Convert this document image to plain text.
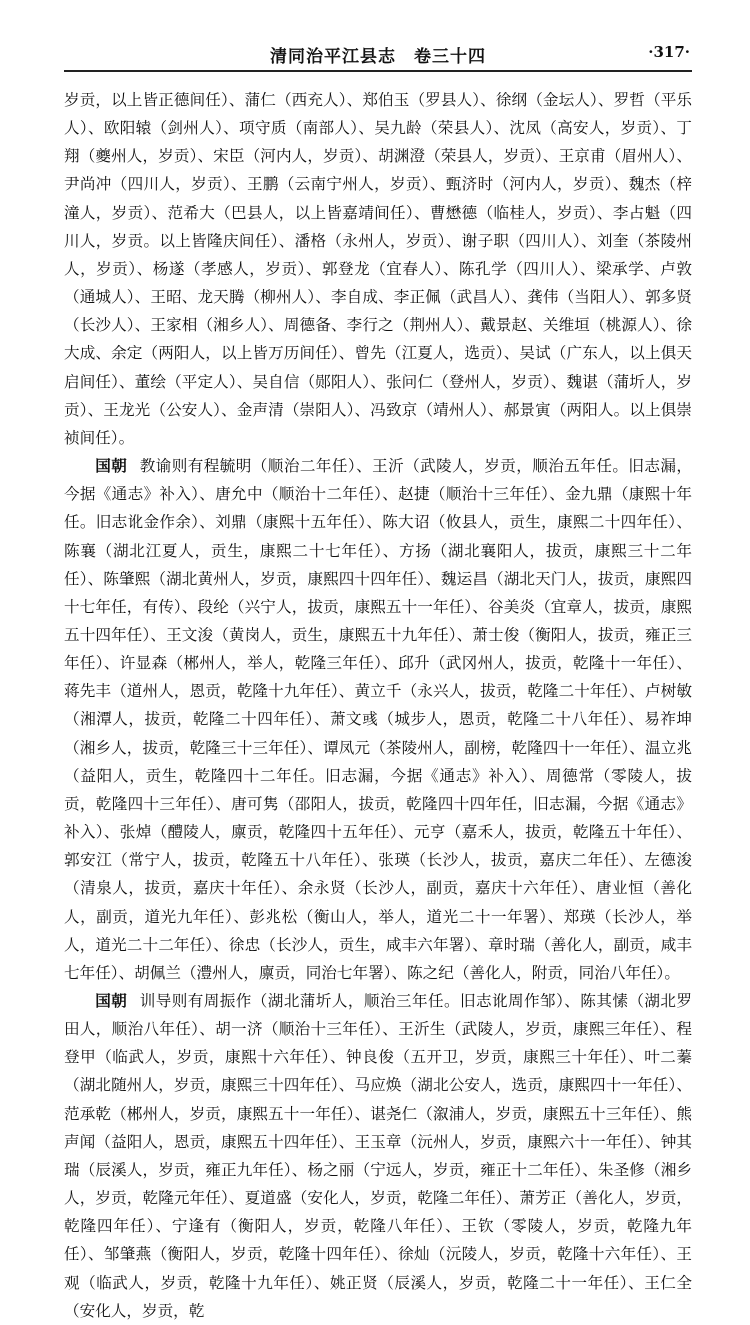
清同治平江县志　卷三十四	·317·

岁贡，以上皆正德间任）、蒲仁（西充人）、郑伯玉（罗县人）、徐纲（金坛人）、罗哲（平乐人）、欧阳辕（剑州人）、项守质（南部人）、吴九龄（荣县人）、沈凤（高安人，岁贡）、丁翔（夔州人，岁贡）、宋臣（河内人，岁贡）、胡渊澄（荣县人，岁贡）、王京甫（眉州人）、尹尚冲（四川人，岁贡）、王鹏（云南宁州人，岁贡）、甄济时（河内人，岁贡）、魏杰（梓潼人，岁贡）、范希大（巴县人，以上皆嘉靖间任）、曹懋德（临桂人，岁贡）、李占魁（四川人，岁贡。以上皆隆庆间任）、潘格（永州人，岁贡）、谢子职（四川人）、刘奎（茶陵州人，岁贡）、杨遂（孝感人，岁贡）、郭登龙（宜春人）、陈孔学（四川人）、梁承学、卢敦（通城人）、王昭、龙天腾（柳州人）、李自成、李正佩（武昌人）、龚伟（当阳人）、郭多贤（长沙人）、王家相（湘乡人）、周德备、李行之（荆州人）、戴景赵、关维垣（桃源人）、徐大成、余定（两阳人，以上皆万历间任）、曾先（江夏人，选贡）、吴试（广东人，以上俱天启间任）、董绘（平定人）、吴自信（郧阳人）、张问仁（登州人，岁贡）、魏谌（蒲圻人，岁贡）、王龙光（公安人）、金声清（崇阳人）、冯致京（靖州人）、郝景寅（两阳人。以上俱崇祯间任）。

国朝 教谕则有程毓明（顺治二年任）、王沂（武陵人，岁贡，顺治五年任。旧志漏，今据《通志》补入）、唐允中（顺治十二年任）、赵捷（顺治十三年任）、金九鼎（康熙十年任。旧志讹金作余）、刘鼎（康熙十五年任）、陈大诏（攸县人，贡生，康熙二十四年任）、陈襄（湖北江夏人，贡生，康熙二十七年任）、方扬（湖北襄阳人，拔贡，康熙三十二年任）、陈肇熙（湖北黄州人，岁贡，康熙四十四年任）、魏运昌（湖北天门人，拔贡，康熙四十七年任，有传）、段纶（兴宁人，拔贡，康熙五十一年任）、谷美炎（宜章人，拔贡，康熙五十四年任）、王文浚（黄岗人，贡生，康熙五十九年任）、萧士俊（衡阳人，拔贡，雍正三年任）、许显森（郴州人，举人，乾隆三年任）、邱升（武冈州人，拔贡，乾隆十一年任）、蒋先丰（道州人，恩贡，乾隆十九年任）、黄立千（永兴人，拔贡，乾隆二十年任）、卢树敏（湘潭人，拔贡，乾隆二十四年任）、萧文彧（城步人，恩贡，乾隆二十八年任）、易祚坤（湘乡人，拔贡，乾隆三十三年任）、谭凤元（茶陵州人，副榜，乾隆四十一年任）、温立兆（益阳人，贡生，乾隆四十二年任。旧志漏，今据《通志》补入）、周德常（零陵人，拔贡，乾隆四十三年任）、唐可隽（邵阳人，拔贡，乾隆四十四年任，旧志漏，今据《通志》补入）、张焯（醴陵人，廪贡，乾隆四十五年任）、元亨（嘉禾人，拔贡，乾隆五十年任）、郭安江（常宁人，拔贡，乾隆五十八年任）、张瑛（长沙人，拔贡，嘉庆二年任）、左德浚（清泉人，拔贡，嘉庆十年任）、余永贤（长沙人，副贡，嘉庆十六年任）、唐业恒（善化人，副贡，道光九年任）、彭兆松（衡山人，举人，道光二十一年署）、郑瑛（长沙人，举人，道光二十二年任）、徐忠（长沙人，贡生，咸丰六年署）、章时瑞（善化人，副贡，咸丰七年任）、胡佩兰（澧州人，廪贡，同治七年署）、陈之纪（善化人，附贡，同治八年任）。

国朝 训导则有周振作（湖北蒲圻人，顺治三年任。旧志讹周作邹）、陈其愫（湖北罗田人，顺治八年任）、胡一济（顺治十三年任）、王沂生（武陵人，岁贡，康熙三年任）、程登甲（临武人，岁贡，康熙十六年任）、钟良俊（五开卫，岁贡，康熙三十年任）、叶二蓁（湖北随州人，岁贡，康熙三十四年任）、马应焕（湖北公安人，选贡，康熙四十一年任）、范承乾（郴州人，岁贡，康熙五十一年任）、谌尧仁（溆浦人，岁贡，康熙五十三年任）、熊声闻（益阳人，恩贡，康熙五十四年任）、王玉章（沅州人，岁贡，康熙六十一年任）、钟其瑞（辰溪人，岁贡，雍正九年任）、杨之丽（宁远人，岁贡，雍正十二年任）、朱圣修（湘乡人，岁贡，乾隆元年任）、夏道盛（安化人，岁贡，乾隆二年任）、萧芳正（善化人，岁贡，乾隆四年任）、宁逢有（衡阳人，岁贡，乾隆八年任）、王钦（零陵人，岁贡，乾隆九年任）、邹肇燕（衡阳人，岁贡，乾隆十四年任）、徐灿（沅陵人，岁贡，乾隆十六年任）、王观（临武人，岁贡，乾隆十九年任）、姚正贤（辰溪人，岁贡，乾隆二十一年任）、王仁全（安化人，岁贡，乾
